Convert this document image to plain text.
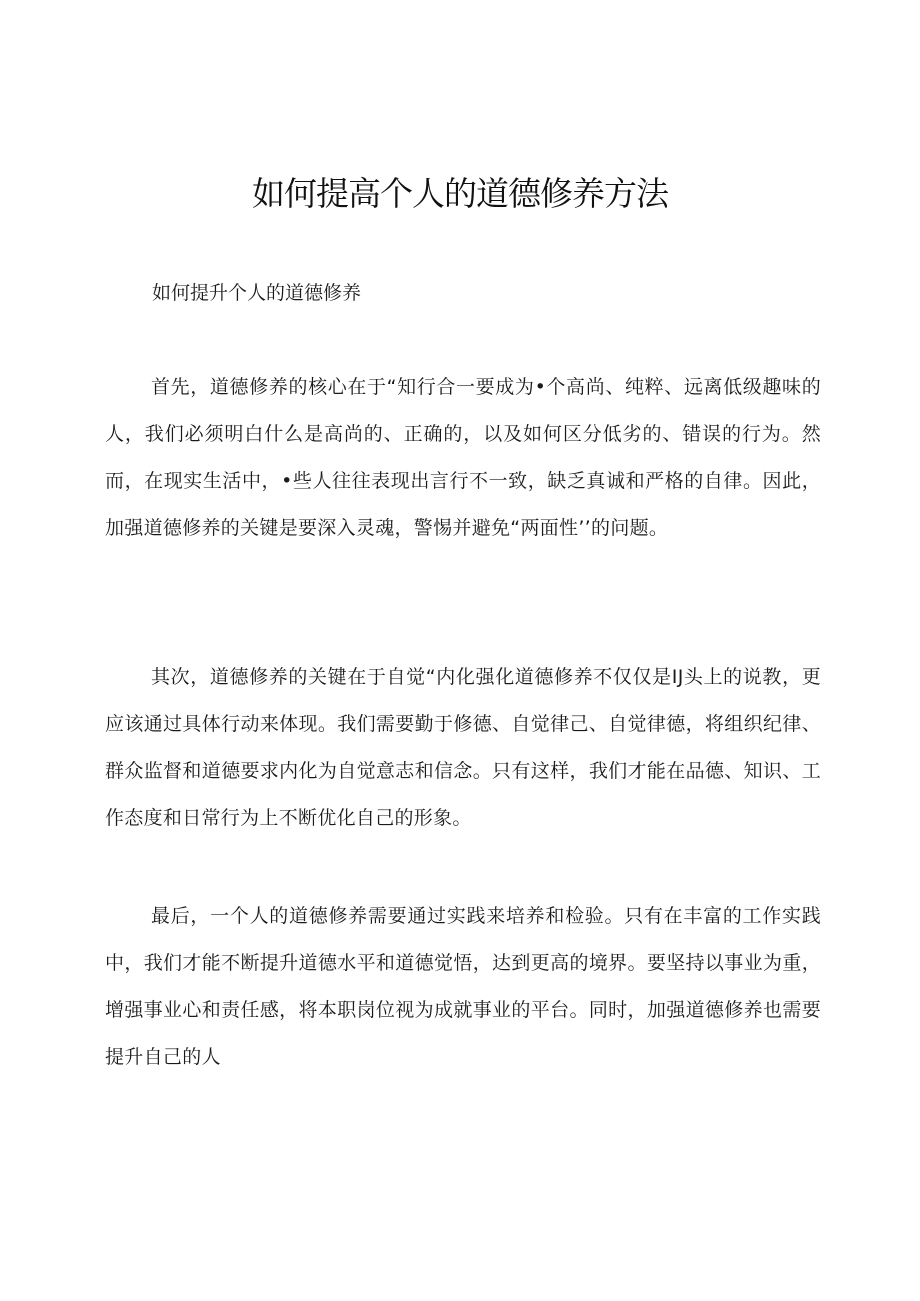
如何提高个人的道德修养方法

如何提升个人的道德修养

首先，道德修养的核心在于“知行合一要成为•个高尚、纯粹、远离低级趣味的人，我们必须明白什么是高尚的、正确的，以及如何区分低劣的、错误的行为。然而，在现实生活中，•些人往往表现出言行不一致，缺乏真诚和严格的自律。因此，加强道德修养的关键是要深入灵魂，警惕并避免“两面性’’的问题。

其次，道德修养的关键在于自觉“内化强化道德修养不仅仅是IJ头上的说教，更应该通过具体行动来体现。我们需要勤于修德、自觉律己、自觉律德，将组织纪律、群众监督和道德要求内化为自觉意志和信念。只有这样，我们才能在品德、知识、工作态度和日常行为上不断优化自己的形象。

最后，一个人的道德修养需要通过实践来培养和检验。只有在丰富的工作实践中，我们才能不断提升道德水平和道德觉悟，达到更高的境界。要坚持以事业为重，增强事业心和责任感，将本职岗位视为成就事业的平台。同时，加强道德修养也需要提升自己的人
